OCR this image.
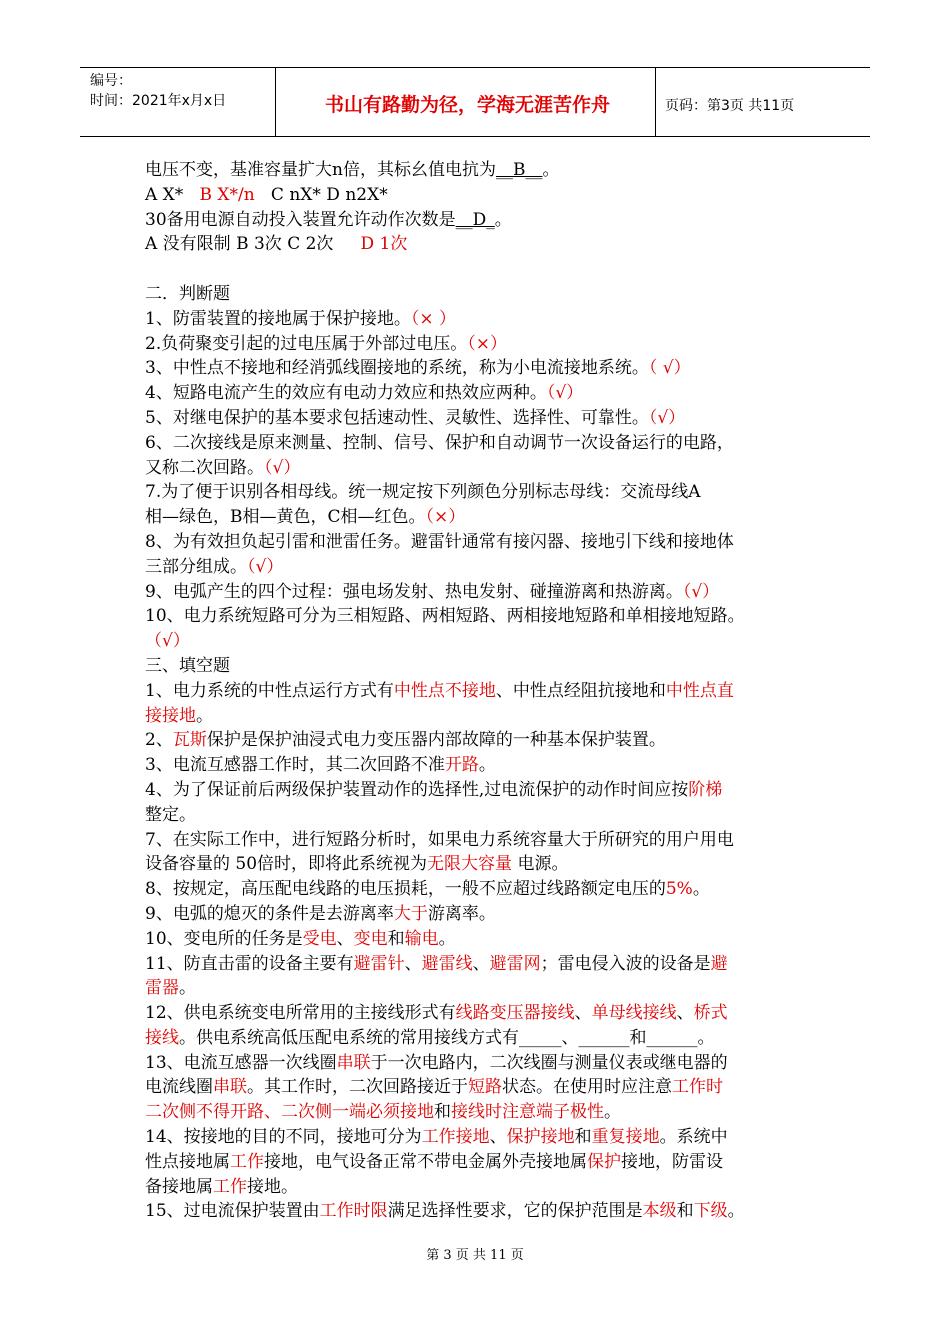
编号：
时间：2021年x月x日	书山有路勤为径，学海无涯苦作舟	页码：第3页 共11页

电压不变，基准容量扩大n倍，其标幺值电抗为__B__。

A X* B X*/n C nX* D n2X*

30备用电源自动投入装置允许动作次数是__D_。

A 没有限制 B 3次 C 2次 D 1次

二．判断题

1、防雷装置的接地属于保护接地。（× ）

2.负荷聚变引起的过电压属于外部过电压。（×）

3、中性点不接地和经消弧线圈接地的系统，称为小电流接地系统。（ √）

4、短路电流产生的效应有电动力效应和热效应两种。（√）

5、对继电保护的基本要求包括速动性、灵敏性、选择性、可靠性。（√）

6、二次接线是原来测量、控制、信号、保护和自动调节一次设备运行的电路，

又称二次回路。（√）

7.为了便于识别各相母线。统一规定按下列颜色分别标志母线：交流母线A

相—绿色，B相—黄色，C相—红色。（×）

8、为有效担负起引雷和泄雷任务。避雷针通常有接闪器、接地引下线和接地体

三部分组成。（√）

9、电弧产生的四个过程：强电场发射、热电发射、碰撞游离和热游离。（√）

10、电力系统短路可分为三相短路、两相短路、两相接地短路和单相接地短路。

（√）

三、填空题

1、电力系统的中性点运行方式有中性点不接地、中性点经阻抗接地和中性点直

接接地。

2、瓦斯保护是保护油浸式电力变压器内部故障的一种基本保护装置。

3、电流互感器工作时，其二次回路不准开路。

4、为了保证前后两级保护装置动作的选择性,过电流保护的动作时间应按阶梯

整定。

7、在实际工作中，进行短路分析时，如果电力系统容量大于所研究的用户用电

设备容量的 50倍时，即将此系统视为无限大容量 电源。

8、按规定，高压配电线路的电压损耗，一般不应超过线路额定电压的5%。

9、电弧的熄灭的条件是去游离率大于游离率。

10、变电所的任务是受电、变电和输电。

11、防直击雷的设备主要有避雷针、避雷线、避雷网；雷电侵入波的设备是避

雷器。

12、供电系统变电所常用的主接线形式有线路变压器接线、单母线接线、桥式

接线。供电系统高低压配电系统的常用接线方式有_____、______和______。

13、电流互感器一次线圈串联于一次电路内，二次线圈与测量仪表或继电器的

电流线圈串联。其工作时，二次回路接近于短路状态。在使用时应注意工作时

二次侧不得开路、二次侧一端必须接地和接线时注意端子极性。

14、按接地的目的不同，接地可分为工作接地、保护接地和重复接地。系统中

性点接地属工作接地，电气设备正常不带电金属外壳接地属保护接地，防雷设

备接地属工作接地。

15、过电流保护装置由工作时限满足选择性要求，它的保护范围是本级和下级。

第 3 页 共 11 页
